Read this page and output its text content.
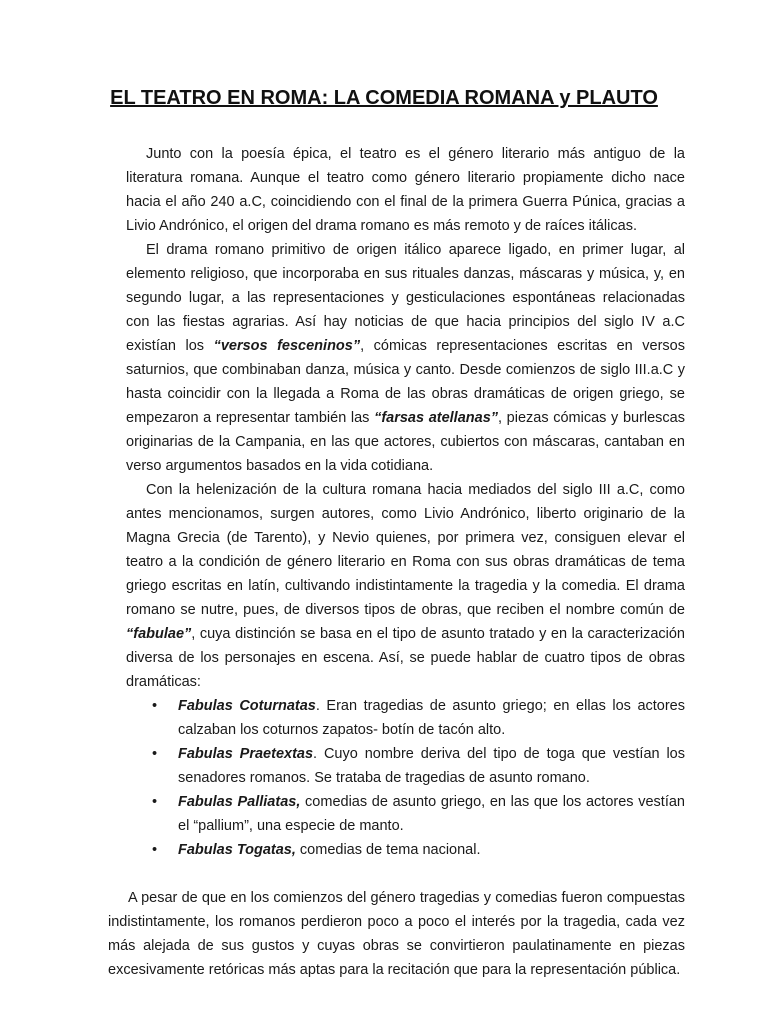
EL TEATRO EN ROMA: LA COMEDIA ROMANA y PLAUTO

Junto con la poesía épica, el teatro es el género literario más antiguo de la literatura romana. Aunque el teatro como género literario propiamente dicho nace hacia el año 240 a.C, coincidiendo con el final de la primera Guerra Púnica, gracias a Livio Andrónico, el origen del drama romano es más remoto y de raíces itálicas.

El drama romano primitivo de origen itálico aparece ligado, en primer lugar, al elemento religioso, que incorporaba en sus rituales danzas, máscaras y música, y, en segundo lugar, a las representaciones y gesticulaciones espontáneas relacionadas con las fiestas agrarias. Así hay noticias de que hacia principios del siglo IV a.C existían los “versos fesceninos”, cómicas representaciones escritas en versos saturnios, que combinaban danza, música y canto. Desde comienzos de siglo III.a.C y hasta coincidir con la llegada a Roma de las obras dramáticas de origen griego, se empezaron a representar también las “farsas atellanas”, piezas cómicas y burlescas originarias de la Campania, en las que actores, cubiertos con máscaras, cantaban en verso argumentos basados en la vida cotidiana.

Con la helenización de la cultura romana hacia mediados del siglo III a.C, como antes mencionamos, surgen autores, como Livio Andrónico, liberto originario de la Magna Grecia (de Tarento), y Nevio quienes, por primera vez, consiguen elevar el teatro a la condición de género literario en Roma con sus obras dramáticas de tema griego escritas en latín, cultivando indistintamente la tragedia y la comedia. El drama romano se nutre, pues, de diversos tipos de obras, que reciben el nombre común de “fabulae”, cuya distinción se basa en el tipo de asunto tratado y en la caracterización diversa de los personajes en escena. Así, se puede hablar de cuatro tipos de obras dramáticas:

• Fabulas Coturnatas. Eran tragedias de asunto griego; en ellas los actores calzaban los coturnos zapatos- botín de tacón alto.
• Fabulas Praetextas. Cuyo nombre deriva del tipo de toga que vestían los senadores romanos. Se trataba de tragedias de asunto romano.
• Fabulas Palliatas, comedias de asunto griego, en las que los actores vestían el “pallium”, una especie de manto.
• Fabulas Togatas, comedias de tema nacional.

A pesar de que en los comienzos del género tragedias y comedias fueron compuestas indistintamente, los romanos perdieron poco a poco el interés por la tragedia, cada vez más alejada de sus gustos y cuyas obras se convirtieron paulatinamente en piezas excesivamente retóricas más aptas para la recitación que para la representación pública.
